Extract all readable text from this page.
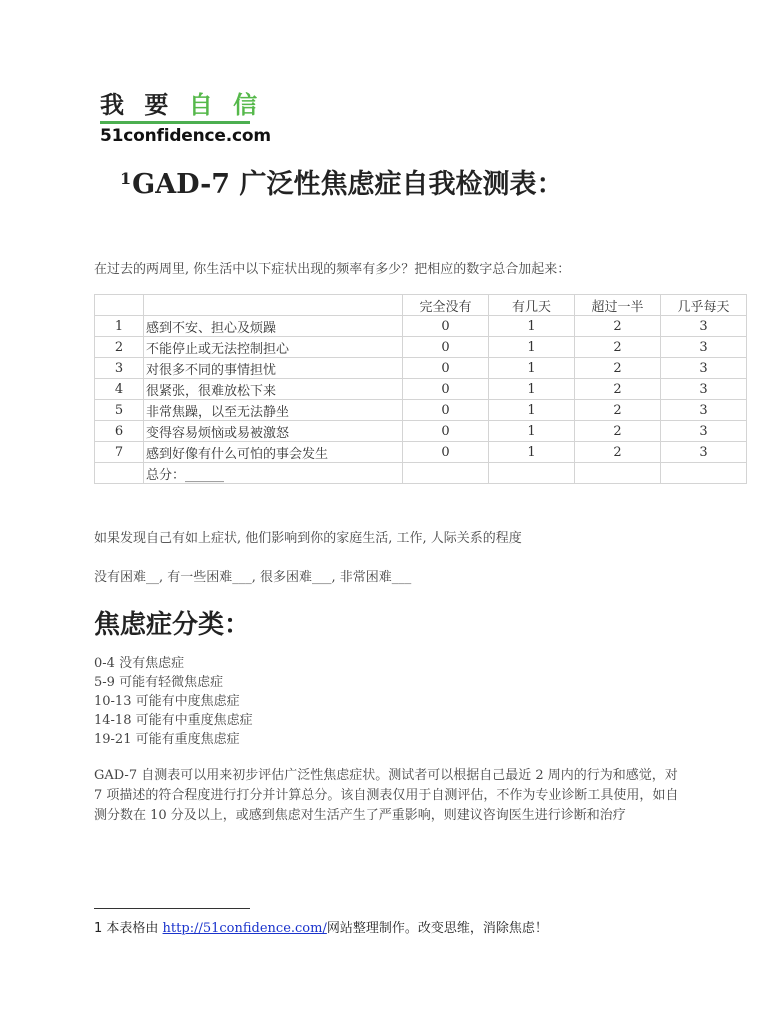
我 要 自 信
51confidence.com
$^1$GAD-7 广泛性焦虑症自我检测表：
在过去的两周里, 你生活中以下症状出现的频率有多少？把相应的数字总合加起来：
		完全没有	有几天	超过一半	几乎每天
1	感到不安、担心及烦躁	0	1	2	3
2	不能停止或无法控制担心	0	1	2	3
3	对很多不同的事情担忧	0	1	2	3
4	很紧张，很难放松下来	0	1	2	3
5	非常焦躁，以至无法静坐	0	1	2	3
6	变得容易烦恼或易被激怒	0	1	2	3
7	感到好像有什么可怕的事会发生	0	1	2	3
	总分：______				
如果发现自己有如上症状, 他们影响到你的家庭生活, 工作, 人际关系的程度
没有困难__, 有一些困难___, 很多困难___, 非常困难___
焦虑症分类：
0-4 没有焦虑症
5-9 可能有轻微焦虑症
10-13 可能有中度焦虑症
14-18 可能有中重度焦虑症
19-21 可能有重度焦虑症
GAD-7 自测表可以用来初步评估广泛性焦虑症状。测试者可以根据自己最近 2 周内的行为和感觉，对 7 项描述的符合程度进行打分并计算总分。该自测表仅用于自测评估，不作为专业诊断工具使用，如自测分数在 10 分及以上，或感到焦虑对生活产生了严重影响，则建议咨询医生进行诊断和治疗
1 本表格由 http://51confidence.com/网站整理制作。改变思维，消除焦虑！
